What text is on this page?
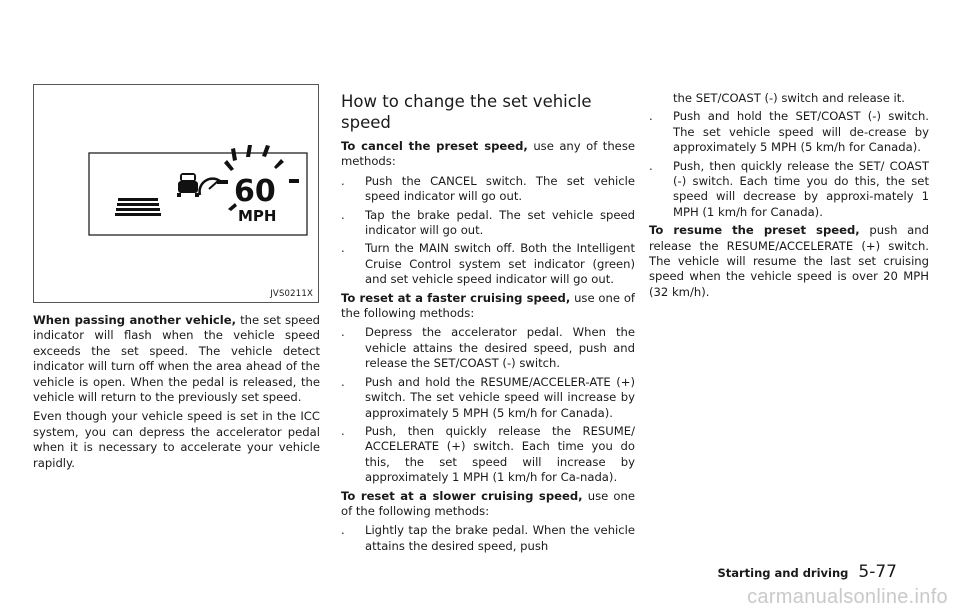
60
MPH
JVS0211X

When passing another vehicle, the set speed indicator will flash when the vehicle speed exceeds the set speed. The vehicle detect indicator will turn off when the area ahead of the vehicle is open. When the pedal is released, the vehicle will return to the previously set speed.

Even though your vehicle speed is set in the ICC system, you can depress the accelerator pedal when it is necessary to accelerate your vehicle rapidly.

How to change the set vehicle speed

To cancel the preset speed, use any of these methods:

. Push the CANCEL switch. The set vehicle speed indicator will go out.
. Tap the brake pedal. The set vehicle speed indicator will go out.
. Turn the MAIN switch off. Both the Intelligent Cruise Control system set indicator (green) and set vehicle speed indicator will go out.

To reset at a faster cruising speed, use one of the following methods:

. Depress the accelerator pedal. When the vehicle attains the desired speed, push and release the SET/COAST (-) switch.
. Push and hold the RESUME/ACCELER-ATE (+) switch. The set vehicle speed will increase by approximately 5 MPH (5 km/h for Canada).
. Push, then quickly release the RESUME/ ACCELERATE (+) switch. Each time you do this, the set speed will increase by approximately 1 MPH (1 km/h for Ca-nada).

To reset at a slower cruising speed, use one of the following methods:

. Lightly tap the brake pedal. When the vehicle attains the desired speed, push
the SET/COAST (-) switch and release it.
. Push and hold the SET/COAST (-) switch. The set vehicle speed will de-crease by approximately 5 MPH (5 km/h for Canada).
. Push, then quickly release the SET/ COAST (-) switch. Each time you do this, the set speed will decrease by approxi-mately 1 MPH (1 km/h for Canada).

To resume the preset speed, push and release the RESUME/ACCELERATE (+) switch. The vehicle will resume the last set cruising speed when the vehicle speed is over 20 MPH (32 km/h).

Starting and driving 5-77
carmanualsonline.info
